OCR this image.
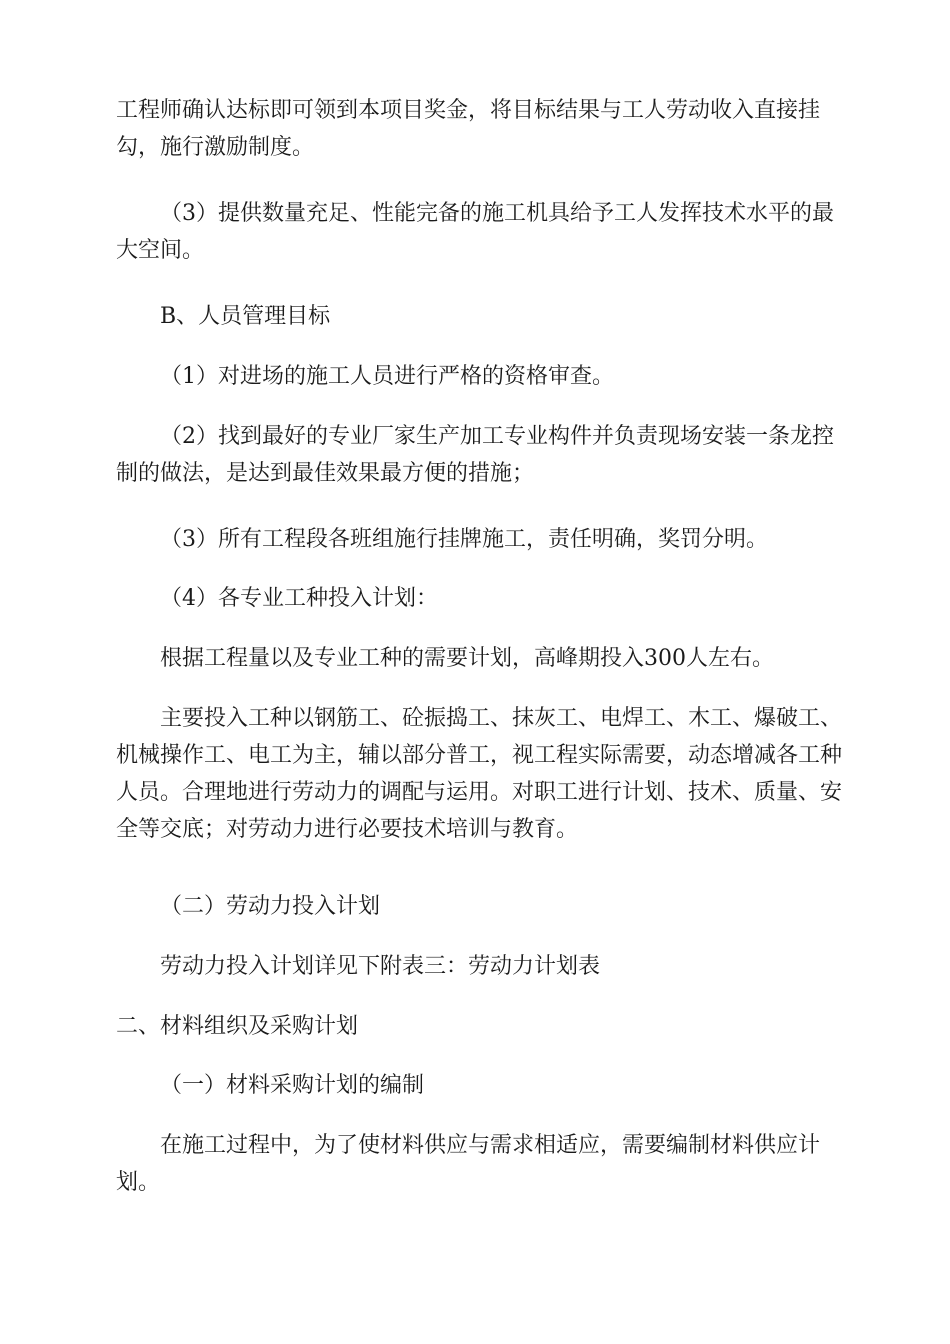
工程师确认达标即可领到本项目奖金，将目标结果与工人劳动收入直接挂勾，施行激励制度。

（3）提供数量充足、性能完备的施工机具给予工人发挥技术水平的最大空间。

B、人员管理目标

（1）对进场的施工人员进行严格的资格审查。

（2）找到最好的专业厂家生产加工专业构件并负责现场安装一条龙控制的做法，是达到最佳效果最方便的措施；

（3）所有工程段各班组施行挂牌施工，责任明确，奖罚分明。

（4）各专业工种投入计划：

根据工程量以及专业工种的需要计划，高峰期投入300人左右。

主要投入工种以钢筋工、砼振捣工、抹灰工、电焊工、木工、爆破工、机械操作工、电工为主，辅以部分普工，视工程实际需要，动态增减各工种人员。合理地进行劳动力的调配与运用。对职工进行计划、技术、质量、安全等交底；对劳动力进行必要技术培训与教育。

（二）劳动力投入计划

劳动力投入计划详见下附表三：劳动力计划表

二、材料组织及采购计划

（一）材料采购计划的编制

在施工过程中，为了使材料供应与需求相适应，需要编制材料供应计划。
